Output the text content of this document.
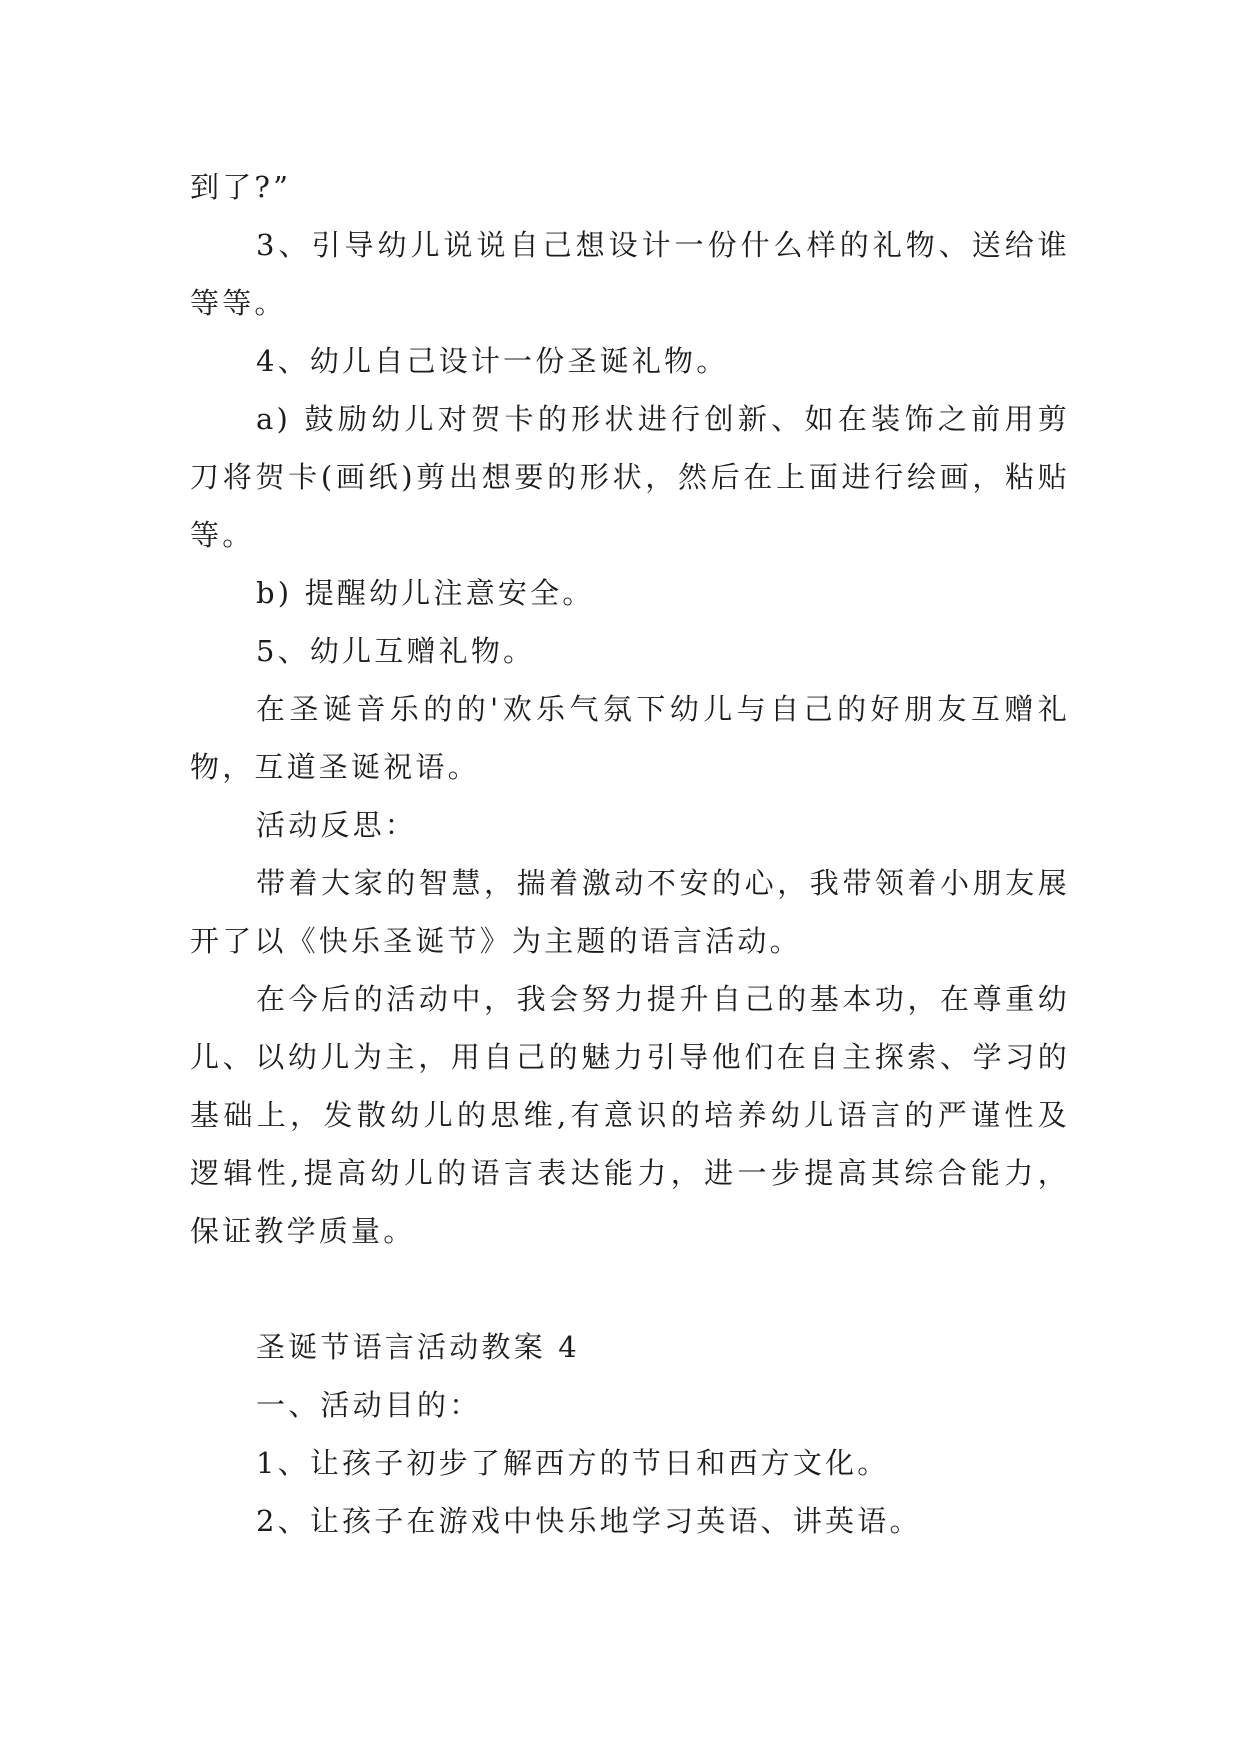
到了?”

3、引导幼儿说说自己想设计一份什么样的礼物、送给谁等等。

4、幼儿自己设计一份圣诞礼物。

a) 鼓励幼儿对贺卡的形状进行创新、如在装饰之前用剪刀将贺卡(画纸)剪出想要的形状，然后在上面进行绘画，粘贴等。

b) 提醒幼儿注意安全。

5、幼儿互赠礼物。

在圣诞音乐的的'欢乐气氛下幼儿与自己的好朋友互赠礼物，互道圣诞祝语。

活动反思：

带着大家的智慧，揣着激动不安的心，我带领着小朋友展开了以《快乐圣诞节》为主题的语言活动。

在今后的活动中，我会努力提升自己的基本功，在尊重幼儿、以幼儿为主，用自己的魅力引导他们在自主探索、学习的基础上，发散幼儿的思维,有意识的培养幼儿语言的严谨性及逻辑性,提高幼儿的语言表达能力，进一步提高其综合能力，保证教学质量。

圣诞节语言活动教案 4

一、活动目的：

1、让孩子初步了解西方的节日和西方文化。

2、让孩子在游戏中快乐地学习英语、讲英语。
